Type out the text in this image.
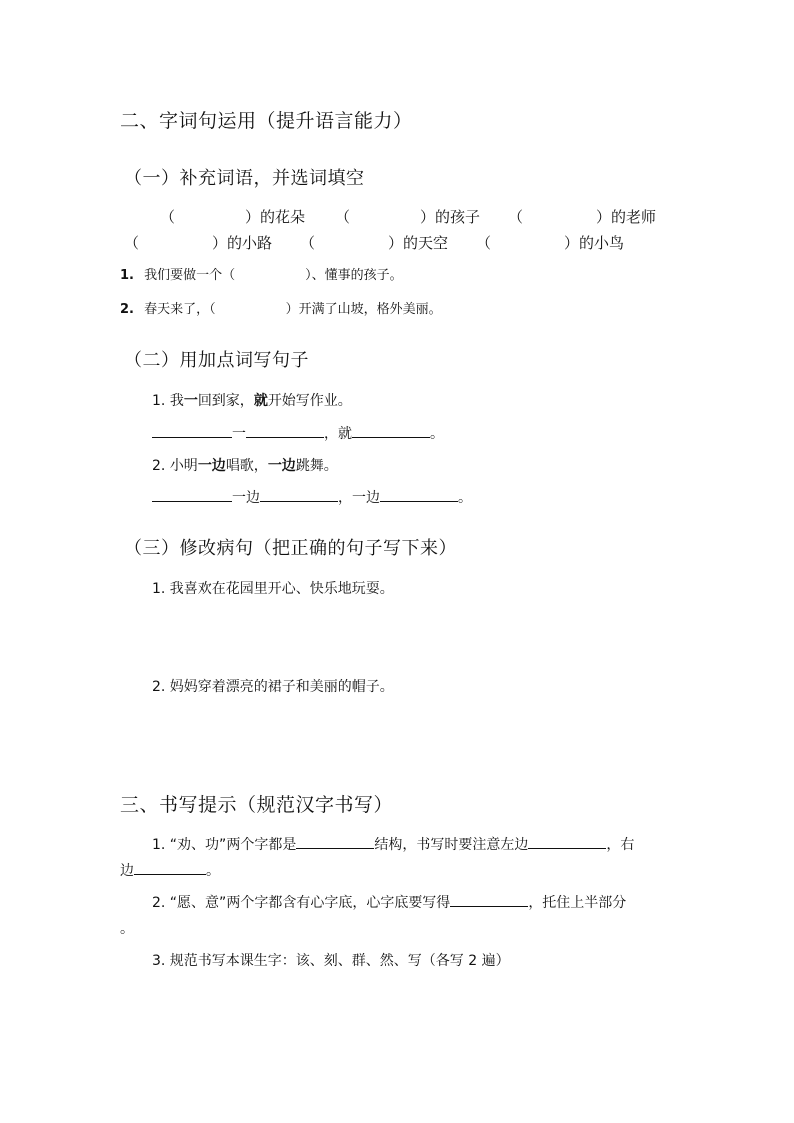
二、字词句运用（提升语言能力）
（一）补充词语，并选词填空
（	）的花朵 （	）的孩子 （	）的老师
（	）的小路 （	）的天空 （	）的小鸟
1. 我们要做一个（	）、懂事的孩子。
2. 春天来了，（	）开满了山坡，格外美丽。
（二）用加点词写句子
1. 我一回到家，就开始写作业。
一	，就	。
2. 小明一边唱歌，一边跳舞。
一边	，一边	。
（三）修改病句（把正确的句子写下来）
1. 我喜欢在花园里开心、快乐地玩耍。
2. 妈妈穿着漂亮的裙子和美丽的帽子。
三、书写提示（规范汉字书写）
1. “劝、功”两个字都是	结构，书写时要注意左边	，右
边	。
2. “愿、意”两个字都含有心字底，心字底要写得	，托住上半部分
。
3. 规范书写本课生字：该、刻、群、然、写（各写 2 遍）
